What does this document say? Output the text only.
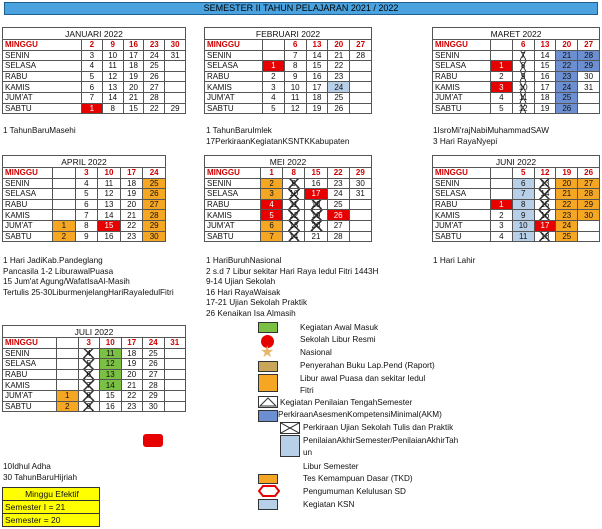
SEMESTER II TAHUN PELAJARAN 2021 / 2022
JANUARI 2022
MINGGU	2	9	16	23	30
SENIN	3	10	17	24	31
SELASA	4	11	18	25	
RABU	5	12	19	26	
KAMIS	6	13	20	27	
JUM'AT	7	14	21	28	
SABTU	1	8	15	22	29
1 TahunBaruMasehi
FEBRUARI 2022
MINGGU		6	13	20	27
SENIN		7	14	21	28
SELASA	1	8	15	22	
RABU	2	9	16	23	
KAMIS	3	10	17	24	
JUM'AT	4	11	18	25	
SABTU	5	12	19	26	
1 TahunBaruImlek
17PerkiraanKegiatanKSNTKKabupaten
MARET 2022
MINGGU		6	13	20	27
SENIN		7	14	21	28
SELASA	1	8	15	22	29
RABU	2	9	16	23	30
KAMIS	3	10	17	24	31
JUM'AT	4	11	18	25	
SABTU	5	12	19	26	
1IsroMi'rajNabiMuhammadSAW
3 Hari RayaNyepi
APRIL 2022
MINGGU		3	10	17	24
SENIN		4	11	18	25
SELASA		5	12	19	26
RABU		6	13	20	27
KAMIS		7	14	21	28
JUM'AT	1	8	15	22	29
SABTU	2	9	16	23	30
1 Hari JadiKab.Pandeglang
Pancasila 1-2 LiburawalPuasa
15 Jum'at Agung/WafatIsaAl-Masih
Tertulis 25-30LiburmenjelangHariRayaIedulFitri
MEI 2022
MINGGU	1	8	15	22	29
SENIN	2	9	16	23	30
SELASA	3	10	17	24	31
RABU	4	11	18	25	
KAMIS	5	12	19	26	
JUM'AT	6	13	20	27	
SABTU	7	14	21	28	
1 HariBuruhNasional
2 s.d 7 Libur sekitar Hari Raya Iedul Fitri 1443H
9-14 Ujian Sekolah
16 Hari RayaWaisak
17-21 Ujian Sekolah Praktik
26 Kenaikan Isa Almasih
JUNI 2022
MINGGU		5	12	19	26
SENIN		6	13	20	27
SELASA		7	14	21	28
RABU	1	8	15	22	29
KAMIS	2	9	16	23	30
JUM'AT	3	10	17	24	
SABTU	4	11	18	25	
1 Hari Lahir
JULI 2022
MINGGU		3	10	17	24	31
SENIN		4	11	18	25	
SELASA		5	12	19	26	
RABU		6	13	20	27	
KAMIS		7	14	21	28	
JUM'AT	1	8	15	22	29	
SABTU	2	9	16	23	30	
10Idhul Adha
30 TahunBaruHijriah
Minggu Efektif
Semester I = 21
Semester = 20
Kegiatan Awal Masuk
Sekolah Libur Resmi
★	Nasional
Penyerahan Buku Lap.Pend (Raport)
Libur awal Puasa dan sekitar Iedul
Fitri
Kegiatan Penilaian TengahSemester
PerkiraanAsesmenKompetensiMinimal(AKM)
Perkiraan Ujian Sekolah Tulis dan Praktik
PenilaianAkhirSemester/PenilaianAkhirTah
un
Libur Semester
Tes Kemampuan Dasar (TKD)
Pengumuman Kelulusan SD
Kegiatan KSN
